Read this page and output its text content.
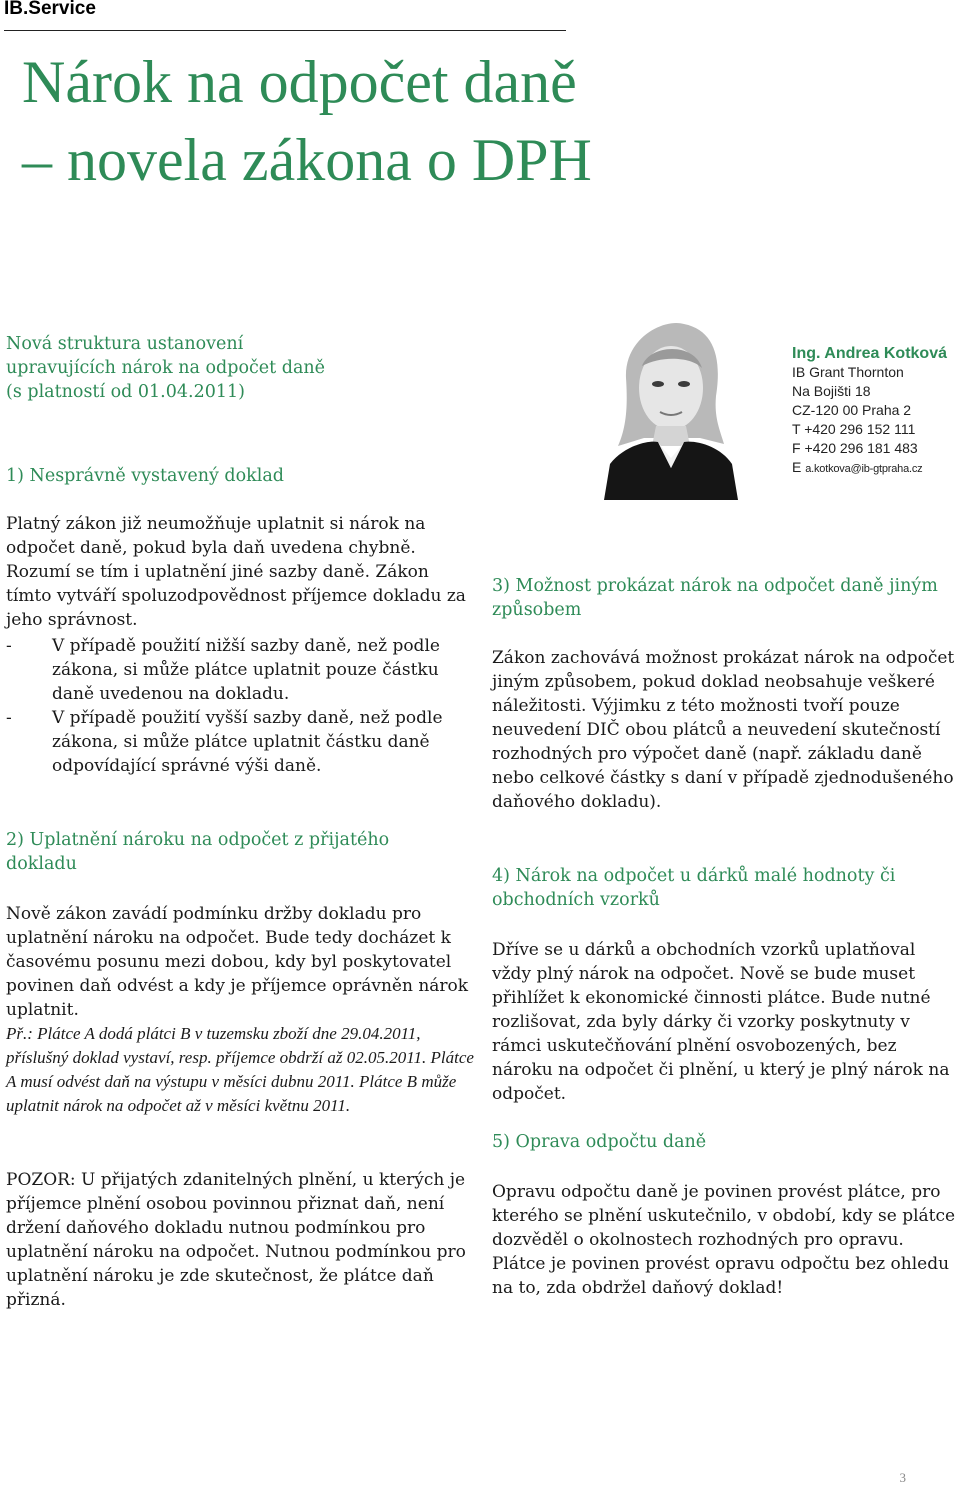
IB.Service
Nárok na odpočet daně
– novela zákona o DPH
Nová struktura ustanovení
upravujících nárok na odpočet daně
(s platností od 01.04.2011)
1) Nesprávně vystavený doklad
Platný zákon již neumožňuje uplatnit si nárok na odpočet daně, pokud byla daň uvedena chybně. Rozumí se tím i uplatnění jiné sazby daně. Zákon tímto vytváří spoluzodpovědnost příjemce dokladu za jeho správnost.
-	V případě použití nižší sazby daně, než podle zákona, si může plátce uplatnit pouze částku daně uvedenou na dokladu.
-	V případě použití vyšší sazby daně, než podle zákona, si může plátce uplatnit částku daně odpovídající správné výši daně.
2) Uplatnění nároku na odpočet z přijatého dokladu
Nově zákon zavádí podmínku držby dokladu pro uplatnění nároku na odpočet. Bude tedy docházet k časovému posunu mezi dobou, kdy byl poskytovatel povinen daň odvést a kdy je příjemce oprávněn nárok uplatnit.
Př.: Plátce A dodá plátci B v tuzemsku zboží dne 29.04.2011, příslušný doklad vystaví, resp. příjemce obdrží až 02.05.2011. Plátce A musí odvést daň na výstupu v měsíci dubnu 2011. Plátce B může uplatnit nárok na odpočet až v měsíci květnu 2011.
POZOR: U přijatých zdanitelných plnění, u kterých je příjemce plnění osobou povinnou přiznat daň, není držení daňového dokladu nutnou podmínkou pro uplatnění nároku na odpočet. Nutnou podmínkou pro uplatnění nároku je zde skutečnost, že plátce daň přizná.
Ing. Andrea Kotková
IB Grant Thornton
Na Bojišti 18
CZ-120 00 Praha 2
T +420 296 152 111
F +420 296 181 483
E a.kotkova@ib-gtpraha.cz
3) Možnost prokázat nárok na odpočet daně jiným způsobem
Zákon zachovává možnost prokázat nárok na odpočet jiným způsobem, pokud doklad neobsahuje veškeré náležitosti. Výjimku z této možnosti tvoří pouze neuvedení DIČ obou plátců a neuvedení skutečností rozhodných pro výpočet daně (např. základu daně nebo celkové částky s daní v případě zjednodušeného daňového dokladu).
4) Nárok na odpočet u dárků malé hodnoty či obchodních vzorků
Dříve se u dárků a obchodních vzorků uplatňoval vždy plný nárok na odpočet. Nově se bude muset přihlížet k ekonomické činnosti plátce. Bude nutné rozlišovat, zda byly dárky či vzorky poskytnuty v rámci uskutečňování plnění osvobozených, bez nároku na odpočet či plnění, u který je plný nárok na odpočet.
5) Oprava odpočtu daně
Opravu odpočtu daně je povinen provést plátce, pro kterého se plnění uskutečnilo, v období, kdy se plátce dozvěděl o okolnostech rozhodných pro opravu. Plátce je povinen provést opravu odpočtu bez ohledu na to, zda obdržel daňový doklad!
3
